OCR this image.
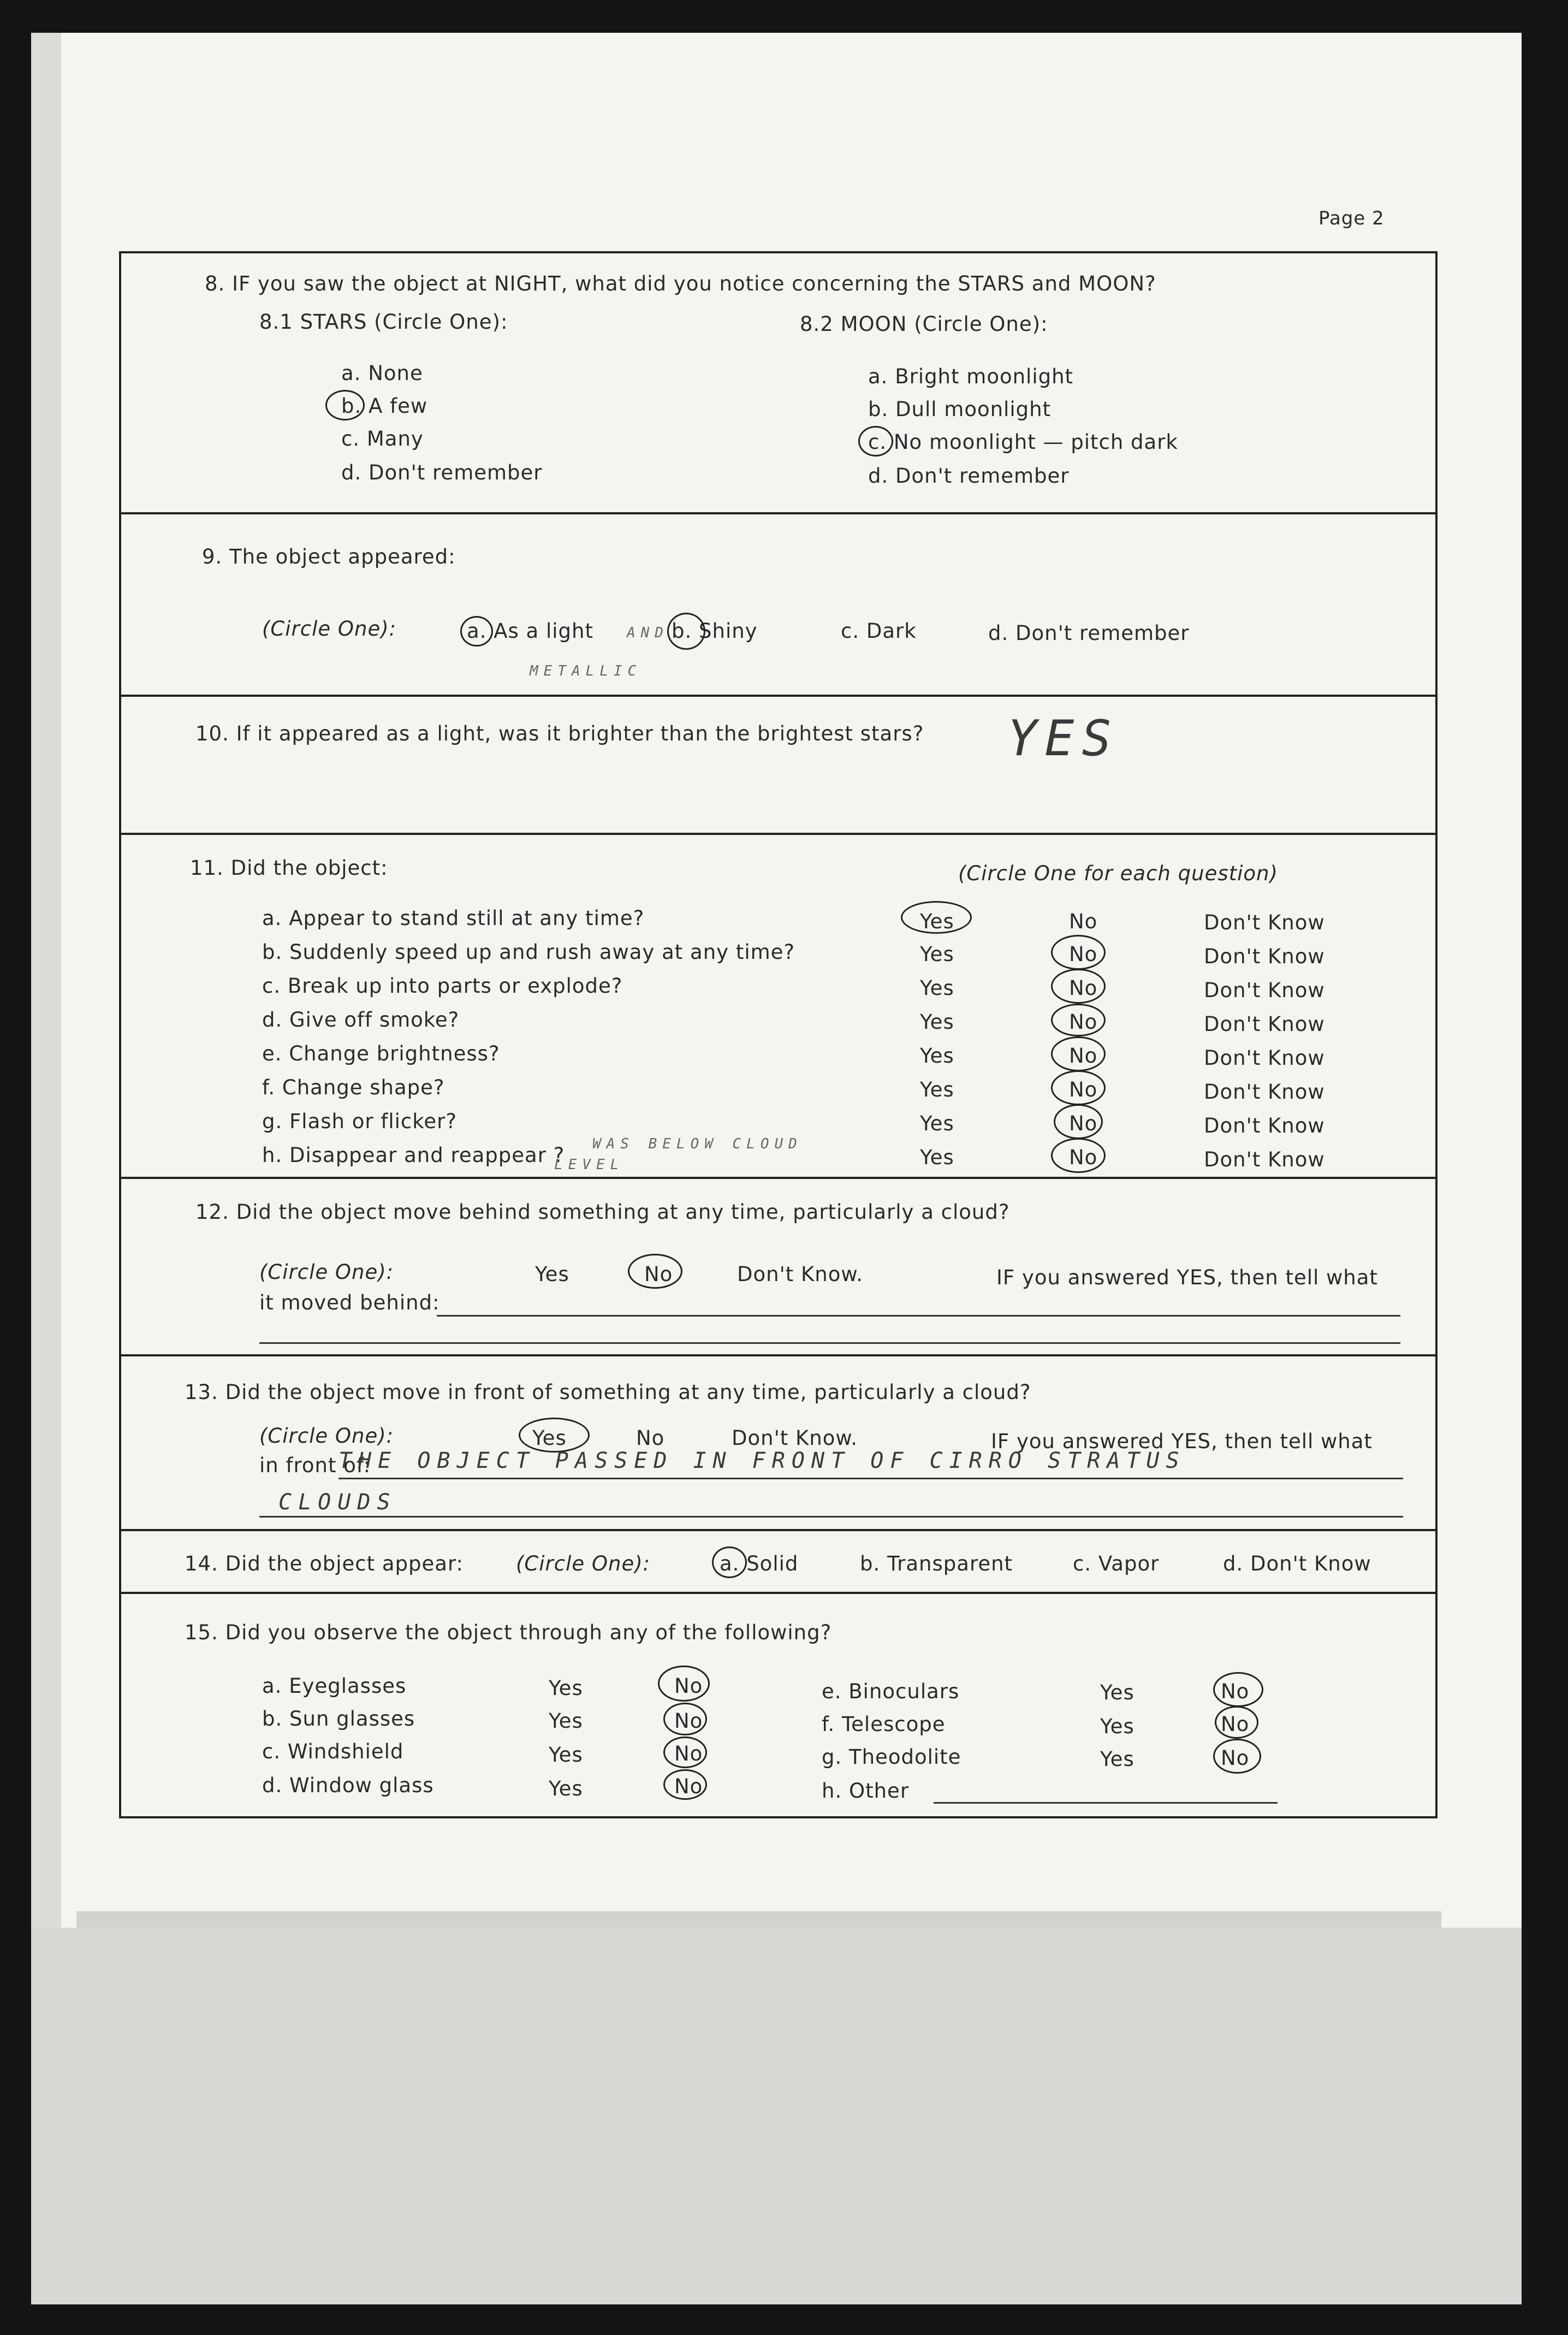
Page 2
8. IF you saw the object at NIGHT, what did you notice concerning the STARS and MOON?
8.1 STARS (Circle One):	8.2 MOON (Circle One):
a. None
b. A few
c. Many
d. Don't remember
a. Bright moonlight
b. Dull moonlight
c. No moonlight — pitch dark
d. Don't remember
9. The object appeared:
(Circle One):	a. As a light AND b. Shiny	c. Dark	d. Don't remember
METALLIC
10. If it appeared as a light, was it brighter than the brightest stars? YES
11. Did the object:	(Circle One for each question)
a. Appear to stand still at any time?	Yes	No	Don't Know
b. Suddenly speed up and rush away at any time?	Yes	No	Don't Know
c. Break up into parts or explode?	Yes	No	Don't Know
d. Give off smoke?	Yes	No	Don't Know
e. Change brightness?	Yes	No	Don't Know
f. Change shape?	Yes	No	Don't Know
g. Flash or flicker?	Yes	No	Don't Know
h. Disappear and reappear ?	Yes	No	Don't Know
WAS BELOW CLOUD
LEVEL
12. Did the object move behind something at any time, particularly a cloud?
(Circle One):	Yes	No	Don't Know.	IF you answered YES, then tell what
it moved behind:
13. Did the object move in front of something at any time, particularly a cloud?
(Circle One):	Yes	No	Don't Know.	IF you answered YES, then tell what
in front of:
THE OBJECT PASSED IN FRONT OF CIRRO STRATUS
CLOUDS
14. Did the object appear:	(Circle One):	a. Solid	b. Transparent	c. Vapor	d. Don't Know
15. Did you observe the object through any of the following?
a. Eyeglasses	Yes	No
b. Sun glasses	Yes	No
c. Windshield	Yes	No
d. Window glass	Yes	No
e. Binoculars	Yes	No
f. Telescope	Yes	No
g. Theodolite	Yes	No
h. Other
